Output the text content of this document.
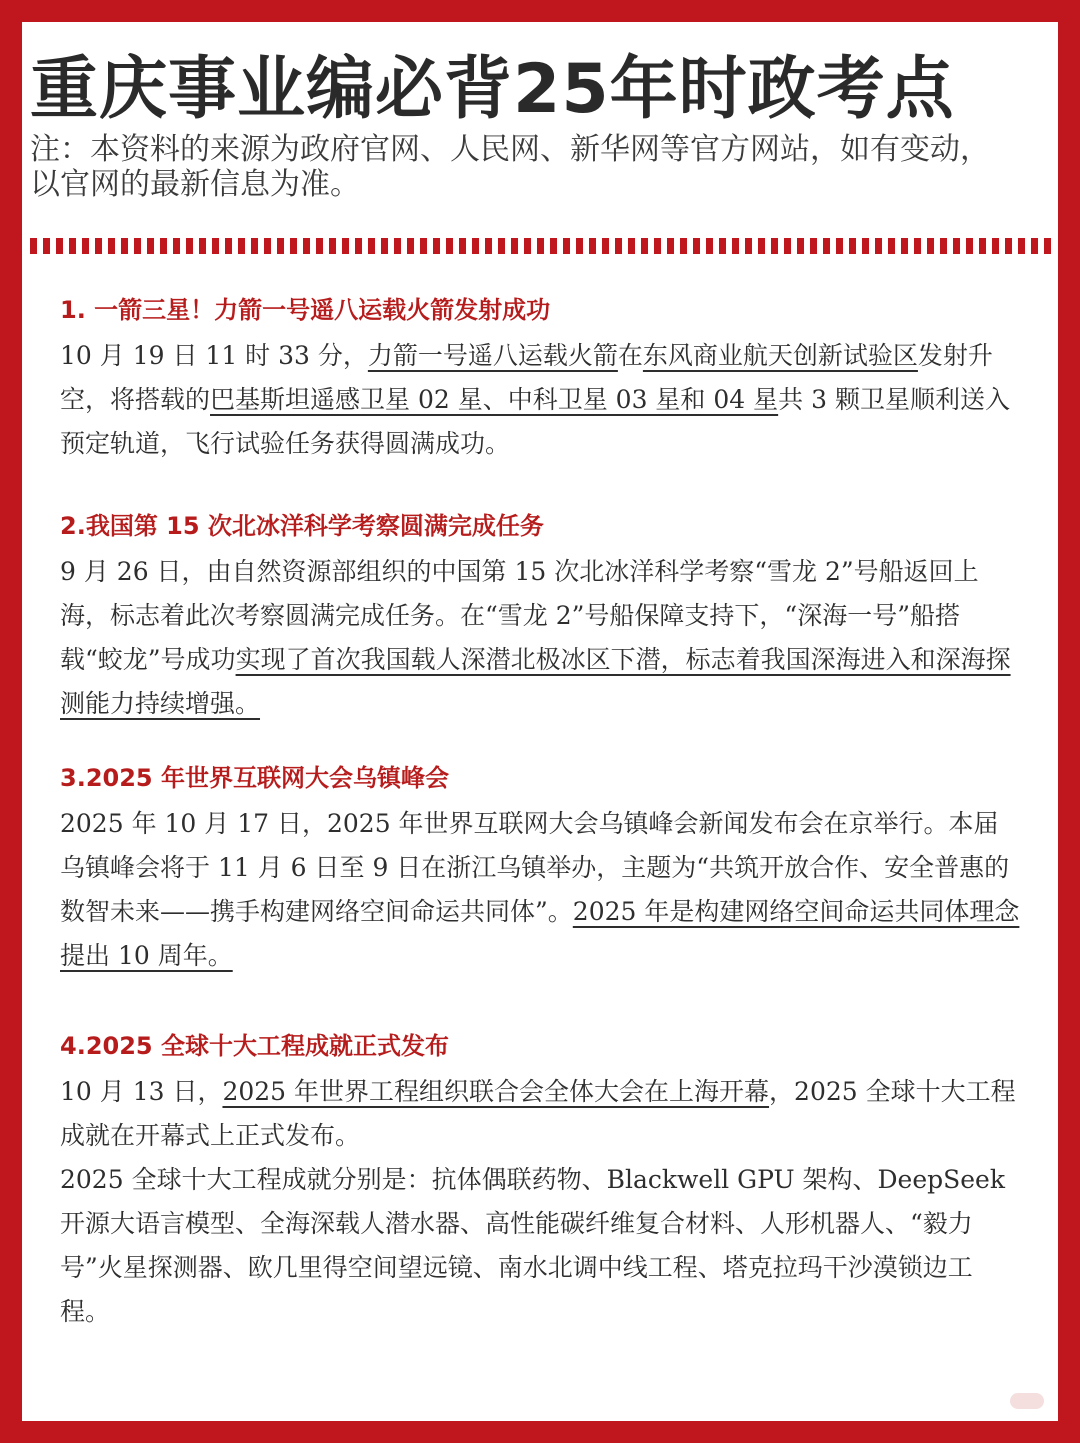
重庆事业编必背25年时政考点
注：本资料的来源为政府官网、人民网、新华网等官方网站，如有变动，
以官网的最新信息为准。
1. 一箭三星！力箭一号遥八运载火箭发射成功

10 月 19 日 11 时 33 分，力箭一号遥八运载火箭在东风商业航天创新试验区发射升空，将搭载的巴基斯坦遥感卫星 02 星、中科卫星 03 星和 04 星共 3 颗卫星顺利送入预定轨道，飞行试验任务获得圆满成功。

2.我国第 15 次北冰洋科学考察圆满完成任务

9 月 26 日，由自然资源部组织的中国第 15 次北冰洋科学考察“雪龙 2”号船返回上海，标志着此次考察圆满完成任务。在“雪龙 2”号船保障支持下，“深海一号”船搭载“蛟龙”号成功实现了首次我国载人深潜北极冰区下潜，标志着我国深海进入和深海探测能力持续增强。

3.2025 年世界互联网大会乌镇峰会

2025 年 10 月 17 日，2025 年世界互联网大会乌镇峰会新闻发布会在京举行。本届乌镇峰会将于 11 月 6 日至 9 日在浙江乌镇举办，主题为“共筑开放合作、安全普惠的数智未来——携手构建网络空间命运共同体”。2025 年是构建网络空间命运共同体理念提出 10 周年。

4.2025 全球十大工程成就正式发布

10 月 13 日，2025 年世界工程组织联合会全体大会在上海开幕，2025 全球十大工程成就在开幕式上正式发布。

2025 全球十大工程成就分别是：抗体偶联药物、Blackwell GPU 架构、DeepSeek 开源大语言模型、全海深载人潜水器、高性能碳纤维复合材料、人形机器人、“毅力号”火星探测器、欧几里得空间望远镜、南水北调中线工程、塔克拉玛干沙漠锁边工程。
